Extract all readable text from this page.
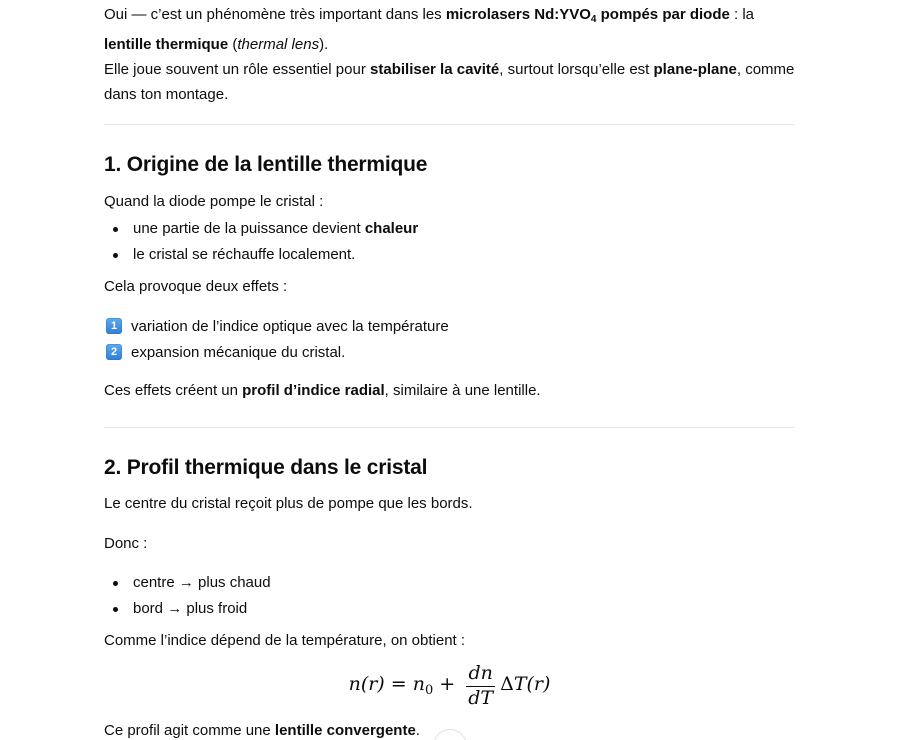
Oui — c’est un phénomène très important dans les microlasers $Nd:YVO_4$ pompés par diode : la lentille thermique (thermal lens).
Elle joue souvent un rôle essentiel pour stabiliser la cavité, surtout lorsqu’elle est plane-plane, comme dans ton montage.

1. Origine de la lentille thermique

Quand la diode pompe le cristal :

une partie de la puissance devient chaleur
le cristal se réchauffe localement.

Cela provoque deux effets :

1 variation de l’indice optique avec la température
2 expansion mécanique du cristal.

Ces effets créent un profil d’indice radial, similaire à une lentille.

2. Profil thermique dans le cristal

Le centre du cristal reçoit plus de pompe que les bords.

Donc :

centre → plus chaud
bord → plus froid

Comme l’indice dépend de la température, on obtient :

$n(r) = n_0 + \frac{dn}{dT} \Delta T(r)$

Ce profil agit comme une lentille convergente.
